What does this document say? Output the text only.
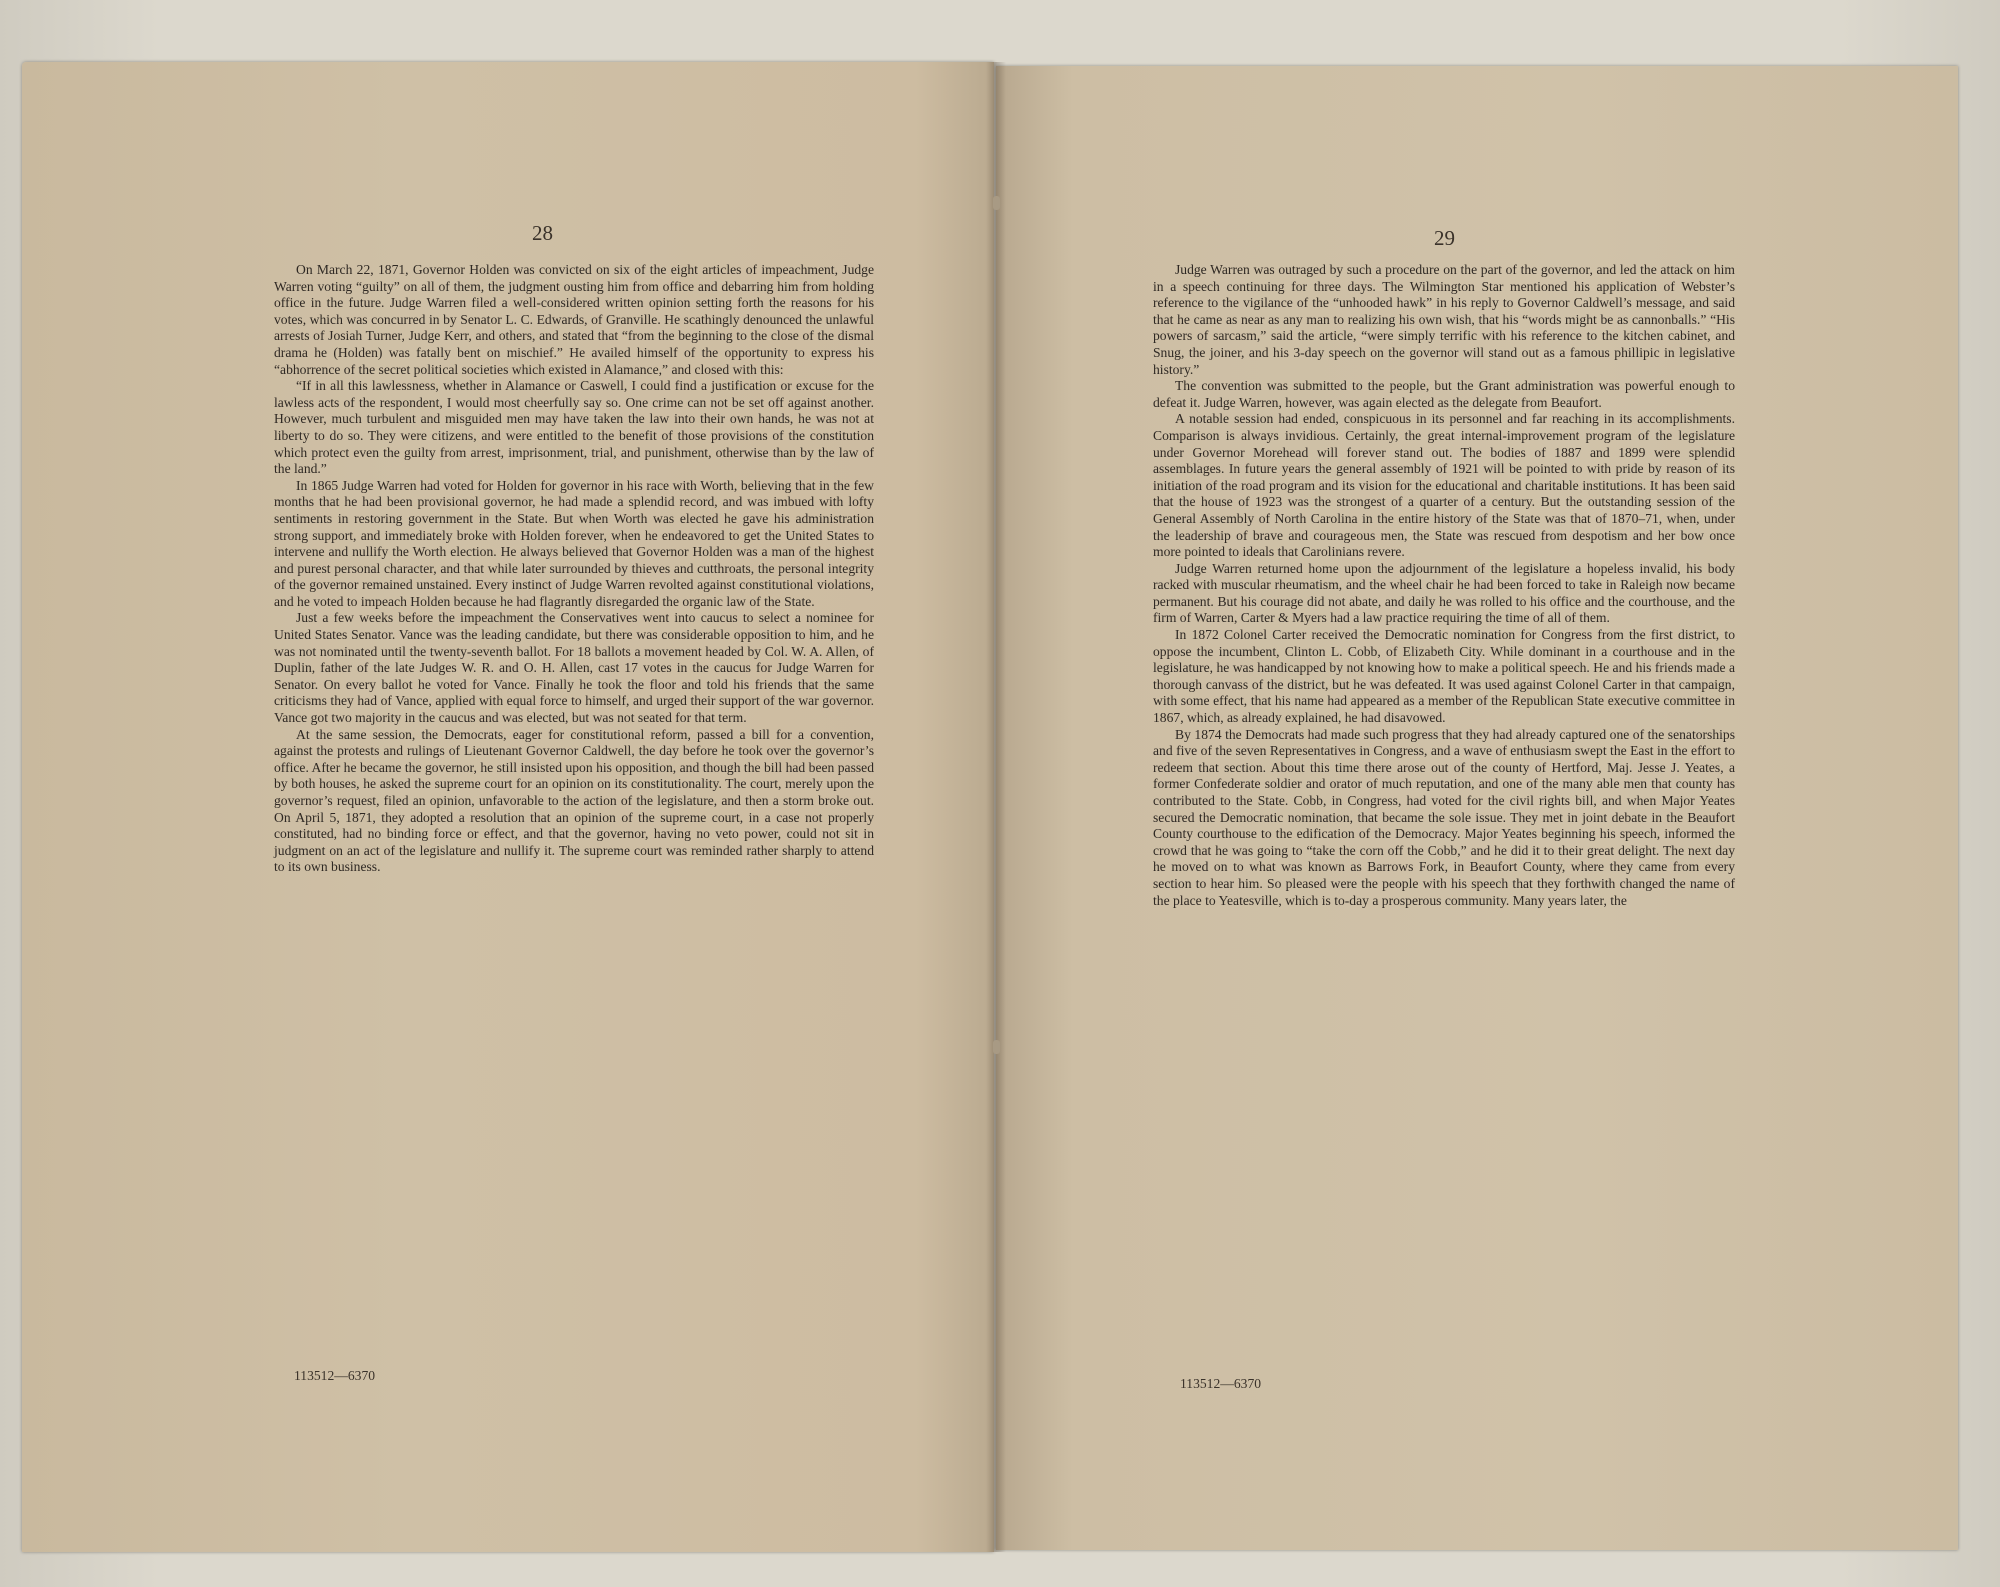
28

On March 22, 1871, Governor Holden was convicted on six of the eight articles of impeachment, Judge Warren voting “guilty” on all of them, the judgment ousting him from office and debarring him from holding office in the future. Judge Warren filed a well-considered written opinion setting forth the reasons for his votes, which was concurred in by Senator L. C. Edwards, of Granville. He scathingly denounced the unlawful arrests of Josiah Turner, Judge Kerr, and others, and stated that “from the beginning to the close of the dismal drama he (Holden) was fatally bent on mischief.” He availed himself of the opportunity to express his “abhorrence of the secret political societies which existed in Alamance,” and closed with this:

“If in all this lawlessness, whether in Alamance or Caswell, I could find a justification or excuse for the lawless acts of the respondent, I would most cheerfully say so. One crime can not be set off against another. However, much turbulent and misguided men may have taken the law into their own hands, he was not at liberty to do so. They were citizens, and were entitled to the benefit of those provisions of the constitution which protect even the guilty from arrest, imprisonment, trial, and punishment, otherwise than by the law of the land.”

In 1865 Judge Warren had voted for Holden for governor in his race with Worth, believing that in the few months that he had been provisional governor, he had made a splendid record, and was imbued with lofty sentiments in restoring government in the State. But when Worth was elected he gave his administration strong support, and immediately broke with Holden forever, when he endeavored to get the United States to intervene and nullify the Worth election. He always believed that Governor Holden was a man of the highest and purest personal character, and that while later surrounded by thieves and cutthroats, the personal integrity of the governor remained unstained. Every instinct of Judge Warren revolted against constitutional violations, and he voted to impeach Holden because he had flagrantly disregarded the organic law of the State.

Just a few weeks before the impeachment the Conservatives went into caucus to select a nominee for United States Senator. Vance was the leading candidate, but there was considerable opposition to him, and he was not nominated until the twenty-seventh ballot. For 18 ballots a movement headed by Col. W. A. Allen, of Duplin, father of the late Judges W. R. and O. H. Allen, cast 17 votes in the caucus for Judge Warren for Senator. On every ballot he voted for Vance. Finally he took the floor and told his friends that the same criticisms they had of Vance, applied with equal force to himself, and urged their support of the war governor. Vance got two majority in the caucus and was elected, but was not seated for that term.

At the same session, the Democrats, eager for constitutional reform, passed a bill for a convention, against the protests and rulings of Lieutenant Governor Caldwell, the day before he took over the governor’s office. After he became the governor, he still insisted upon his opposition, and though the bill had been passed by both houses, he asked the supreme court for an opinion on its constitutionality. The court, merely upon the governor’s request, filed an opinion, unfavorable to the action of the legislature, and then a storm broke out. On April 5, 1871, they adopted a resolution that an opinion of the supreme court, in a case not properly constituted, had no binding force or effect, and that the governor, having no veto power, could not sit in judgment on an act of the legislature and nullify it. The supreme court was reminded rather sharply to attend to its own business.

113512—6370
29

Judge Warren was outraged by such a procedure on the part of the governor, and led the attack on him in a speech continuing for three days. The Wilmington Star mentioned his application of Webster’s reference to the vigilance of the “unhooded hawk” in his reply to Governor Caldwell’s message, and said that he came as near as any man to realizing his own wish, that his “words might be as cannonballs.” “His powers of sarcasm,” said the article, “were simply terrific with his reference to the kitchen cabinet, and Snug, the joiner, and his 3-day speech on the governor will stand out as a famous phillipic in legislative history.”

The convention was submitted to the people, but the Grant administration was powerful enough to defeat it. Judge Warren, however, was again elected as the delegate from Beaufort.

A notable session had ended, conspicuous in its personnel and far reaching in its accomplishments. Comparison is always invidious. Certainly, the great internal-improvement program of the legislature under Governor Morehead will forever stand out. The bodies of 1887 and 1899 were splendid assemblages. In future years the general assembly of 1921 will be pointed to with pride by reason of its initiation of the road program and its vision for the educational and charitable institutions. It has been said that the house of 1923 was the strongest of a quarter of a century. But the outstanding session of the General Assembly of North Carolina in the entire history of the State was that of 1870–71, when, under the leadership of brave and courageous men, the State was rescued from despotism and her bow once more pointed to ideals that Carolinians revere.

Judge Warren returned home upon the adjournment of the legislature a hopeless invalid, his body racked with muscular rheumatism, and the wheel chair he had been forced to take in Raleigh now became permanent. But his courage did not abate, and daily he was rolled to his office and the courthouse, and the firm of Warren, Carter & Myers had a law practice requiring the time of all of them.

In 1872 Colonel Carter received the Democratic nomination for Congress from the first district, to oppose the incumbent, Clinton L. Cobb, of Elizabeth City. While dominant in a courthouse and in the legislature, he was handicapped by not knowing how to make a political speech. He and his friends made a thorough canvass of the district, but he was defeated. It was used against Colonel Carter in that campaign, with some effect, that his name had appeared as a member of the Republican State executive committee in 1867, which, as already explained, he had disavowed.

By 1874 the Democrats had made such progress that they had already captured one of the senatorships and five of the seven Representatives in Congress, and a wave of enthusiasm swept the East in the effort to redeem that section. About this time there arose out of the county of Hertford, Maj. Jesse J. Yeates, a former Confederate soldier and orator of much reputation, and one of the many able men that county has contributed to the State. Cobb, in Congress, had voted for the civil rights bill, and when Major Yeates secured the Democratic nomination, that became the sole issue. They met in joint debate in the Beaufort County courthouse to the edification of the Democracy. Major Yeates beginning his speech, informed the crowd that he was going to “take the corn off the Cobb,” and he did it to their great delight. The next day he moved on to what was known as Barrows Fork, in Beaufort County, where they came from every section to hear him. So pleased were the people with his speech that they forthwith changed the name of the place to Yeatesville, which is to-day a prosperous community. Many years later, the

113512—6370
